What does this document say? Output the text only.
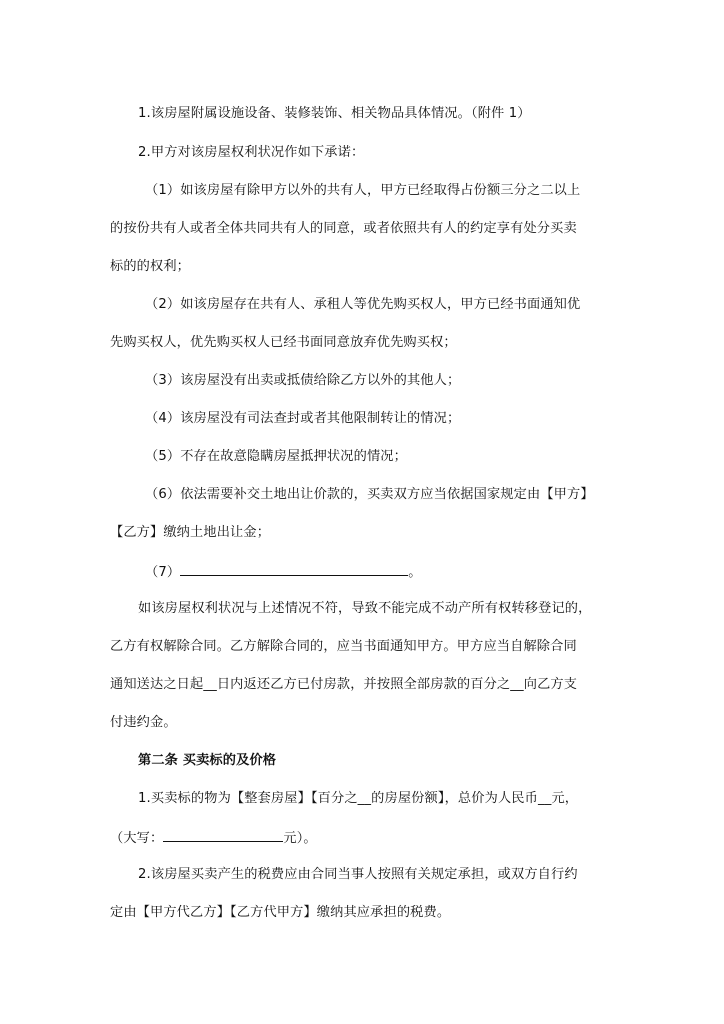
1.该房屋附属设施设备、装修装饰、相关物品具体情况。（附件 1）
2.甲方对该房屋权利状况作如下承诺：
（1）如该房屋有除甲方以外的共有人，甲方已经取得占份额三分之二以上
的按份共有人或者全体共同共有人的同意，或者依照共有人的约定享有处分买卖
标的的权利；
（2）如该房屋存在共有人、承租人等优先购买权人，甲方已经书面通知优
先购买权人，优先购买权人已经书面同意放弃优先购买权；
（3）该房屋没有出卖或抵债给除乙方以外的其他人；
（4）该房屋没有司法查封或者其他限制转让的情况；
（5）不存在故意隐瞒房屋抵押状况的情况；
（6）依法需要补交土地出让价款的，买卖双方应当依据国家规定由【甲方】
【乙方】缴纳土地出让金；
（7）	。
如该房屋权利状况与上述情况不符，导致不能完成不动产所有权转移登记的，
乙方有权解除合同。乙方解除合同的，应当书面通知甲方。甲方应当自解除合同
通知送达之日起__日内返还乙方已付房款，并按照全部房款的百分之__向乙方支
付违约金。
第二条 买卖标的及价格
1.买卖标的物为【整套房屋】【百分之__的房屋份额】，总价为人民币__元，
（大写：	元）。
2.该房屋买卖产生的税费应由合同当事人按照有关规定承担，或双方自行约
定由【甲方代乙方】【乙方代甲方】缴纳其应承担的税费。
